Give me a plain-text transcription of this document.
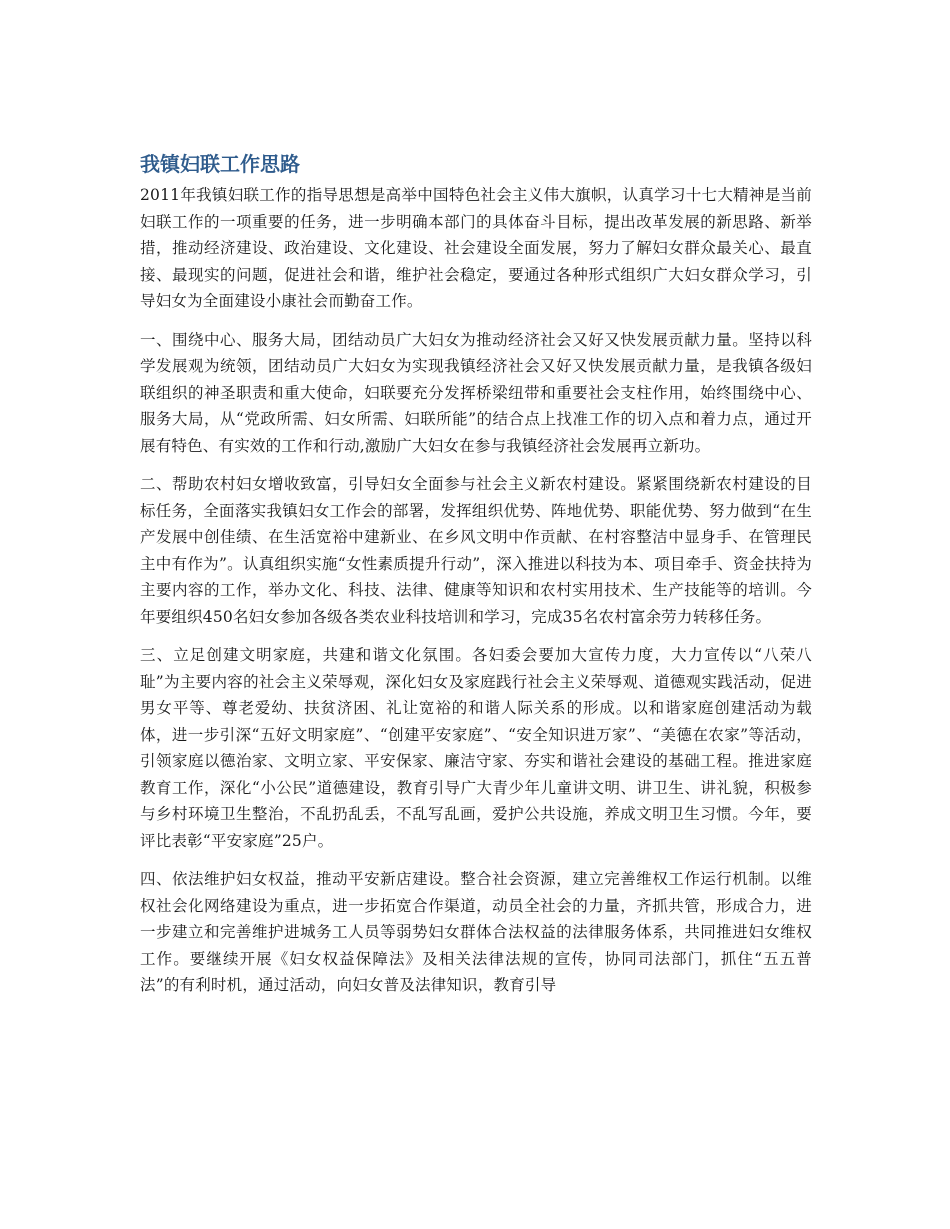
我镇妇联工作思路

2011年我镇妇联工作的指导思想是高举中国特色社会主义伟大旗帜，认真学习十七大精神是当前妇联工作的一项重要的任务，进一步明确本部门的具体奋斗目标，提出改革发展的新思路、新举措，推动经济建设、政治建设、文化建设、社会建设全面发展，努力了解妇女群众最关心、最直接、最现实的问题，促进社会和谐，维护社会稳定，要通过各种形式组织广大妇女群众学习，引导妇女为全面建设小康社会而勤奋工作。

一、围绕中心、服务大局，团结动员广大妇女为推动经济社会又好又快发展贡献力量。坚持以科学发展观为统领，团结动员广大妇女为实现我镇经济社会又好又快发展贡献力量，是我镇各级妇联组织的神圣职责和重大使命，妇联要充分发挥桥梁纽带和重要社会支柱作用，始终围绕中心、服务大局，从“党政所需、妇女所需、妇联所能”的结合点上找准工作的切入点和着力点，通过开展有特色、有实效的工作和行动,激励广大妇女在参与我镇经济社会发展再立新功。

二、帮助农村妇女增收致富，引导妇女全面参与社会主义新农村建设。紧紧围绕新农村建设的目标任务，全面落实我镇妇女工作会的部署，发挥组织优势、阵地优势、职能优势、努力做到“在生产发展中创佳绩、在生活宽裕中建新业、在乡风文明中作贡献、在村容整洁中显身手、在管理民主中有作为”。认真组织实施“女性素质提升行动”，深入推进以科技为本、项目牵手、资金扶持为主要内容的工作，举办文化、科技、法律、健康等知识和农村实用技术、生产技能等的培训。今年要组织450名妇女参加各级各类农业科技培训和学习，完成35名农村富余劳力转移任务。

三、立足创建文明家庭，共建和谐文化氛围。各妇委会要加大宣传力度，大力宣传以“八荣八耻”为主要内容的社会主义荣辱观，深化妇女及家庭践行社会主义荣辱观、道德观实践活动，促进男女平等、尊老爱幼、扶贫济困、礼让宽裕的和谐人际关系的形成。以和谐家庭创建活动为载体，进一步引深“五好文明家庭”、“创建平安家庭”、“安全知识进万家”、“美德在农家”等活动，引领家庭以德治家、文明立家、平安保家、廉洁守家、夯实和谐社会建设的基础工程。推进家庭教育工作，深化“小公民”道德建设，教育引导广大青少年儿童讲文明、讲卫生、讲礼貌，积极参与乡村环境卫生整治，不乱扔乱丢，不乱写乱画，爱护公共设施，养成文明卫生习惯。今年，要评比表彰“平安家庭”25户。

四、依法维护妇女权益，推动平安新店建设。整合社会资源，建立完善维权工作运行机制。以维权社会化网络建设为重点，进一步拓宽合作渠道，动员全社会的力量，齐抓共管，形成合力，进一步建立和完善维护进城务工人员等弱势妇女群体合法权益的法律服务体系，共同推进妇女维权工作。要继续开展《妇女权益保障法》及相关法律法规的宣传，协同司法部门，抓住“五五普法”的有利时机，通过活动，向妇女普及法律知识，教育引导
